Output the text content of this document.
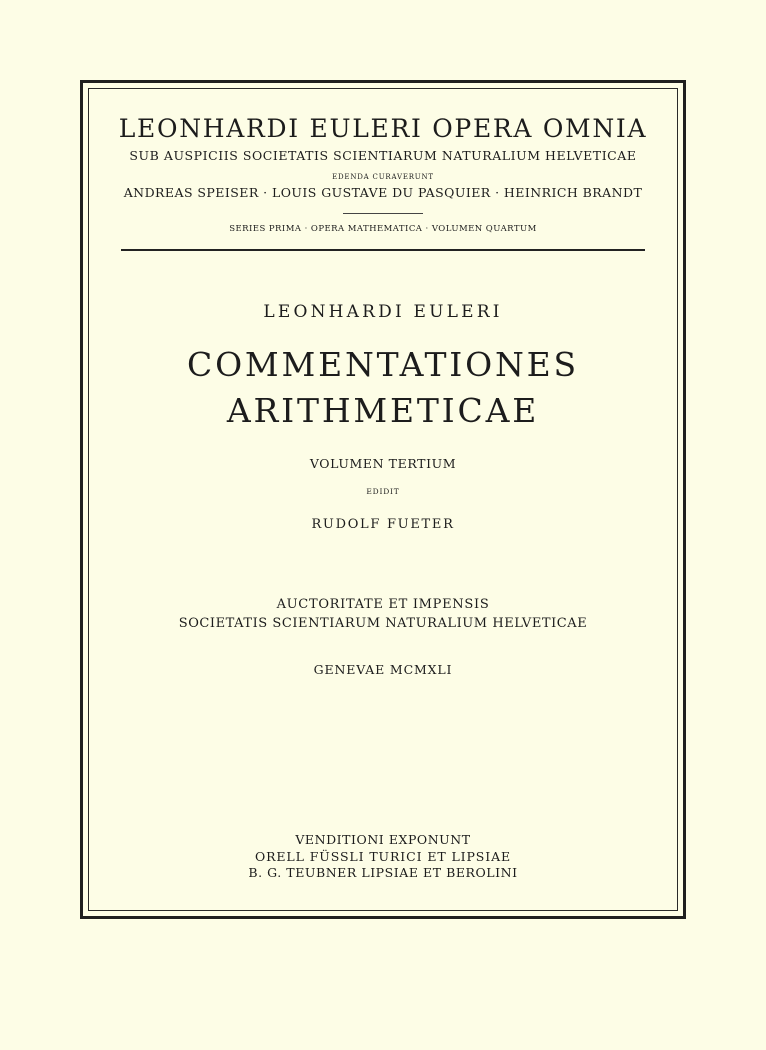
LEONHARDI EULERI OPERA OMNIA
SUB AUSPICIIS SOCIETATIS SCIENTIARUM NATURALIUM HELVETICAE
EDENDA CURAVERUNT
ANDREAS SPEISER · LOUIS GUSTAVE DU PASQUIER · HEINRICH BRANDT
SERIES PRIMA · OPERA MATHEMATICA · VOLUMEN QUARTUM
LEONHARDI EULERI
COMMENTATIONES
ARITHMETICAE
VOLUMEN TERTIUM
EDIDIT
RUDOLF FUETER
AUCTORITATE ET IMPENSIS
SOCIETATIS SCIENTIARUM NATURALIUM HELVETICAE
GENEVAE MCMXLI
VENDITIONI EXPONUNT
ORELL FÜSSLI TURICI ET LIPSIAE
B. G. TEUBNER LIPSIAE ET BEROLINI
